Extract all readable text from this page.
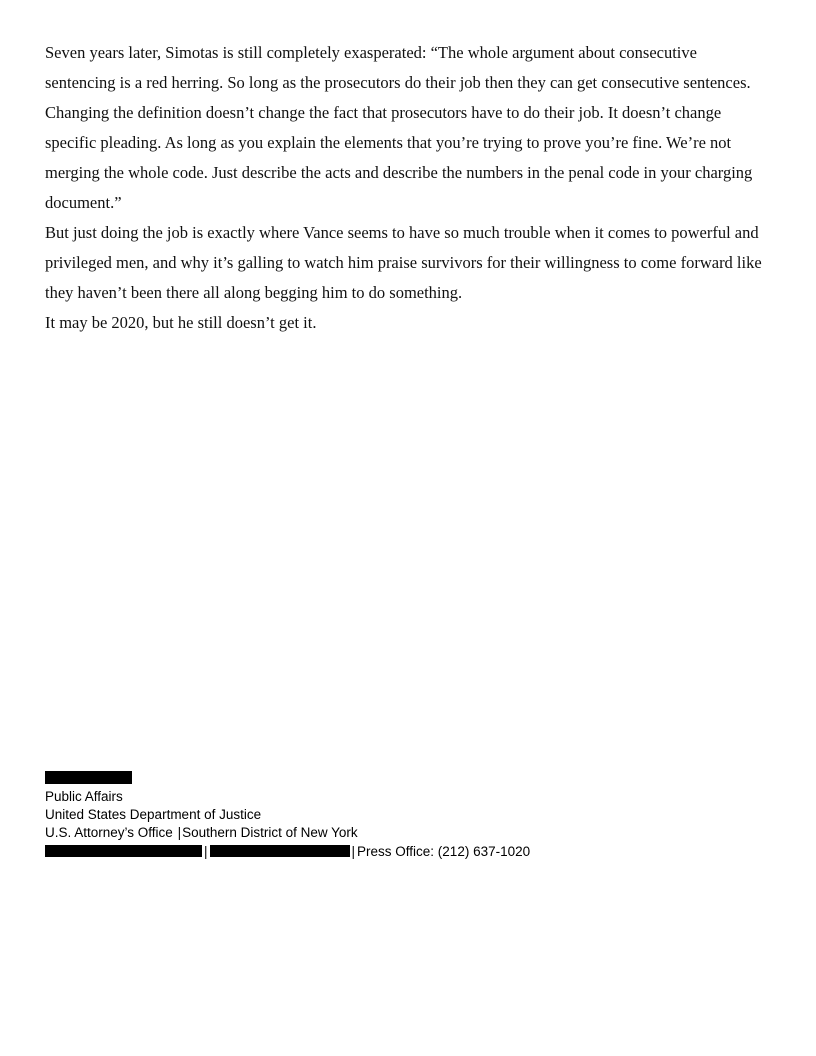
Seven years later, Simotas is still completely exasperated: “The whole argument about consecutive sentencing is a red herring. So long as the prosecutors do their job then they can get consecutive sentences. Changing the definition doesn’t change the fact that prosecutors have to do their job. It doesn’t change specific pleading. As long as you explain the elements that you’re trying to prove you’re fine. We’re not merging the whole code. Just describe the acts and describe the numbers in the penal code in your charging document.”

But just doing the job is exactly where Vance seems to have so much trouble when it comes to powerful and privileged men, and why it’s galling to watch him praise survivors for their willingness to come forward like they haven’t been there all along begging him to do something.

It may be 2020, but he still doesn’t get it.

Public Affairs
United States Department of Justice
U.S. Attorney’s Office |Southern District of New York
|	| Press Office: (212) 637-1020
